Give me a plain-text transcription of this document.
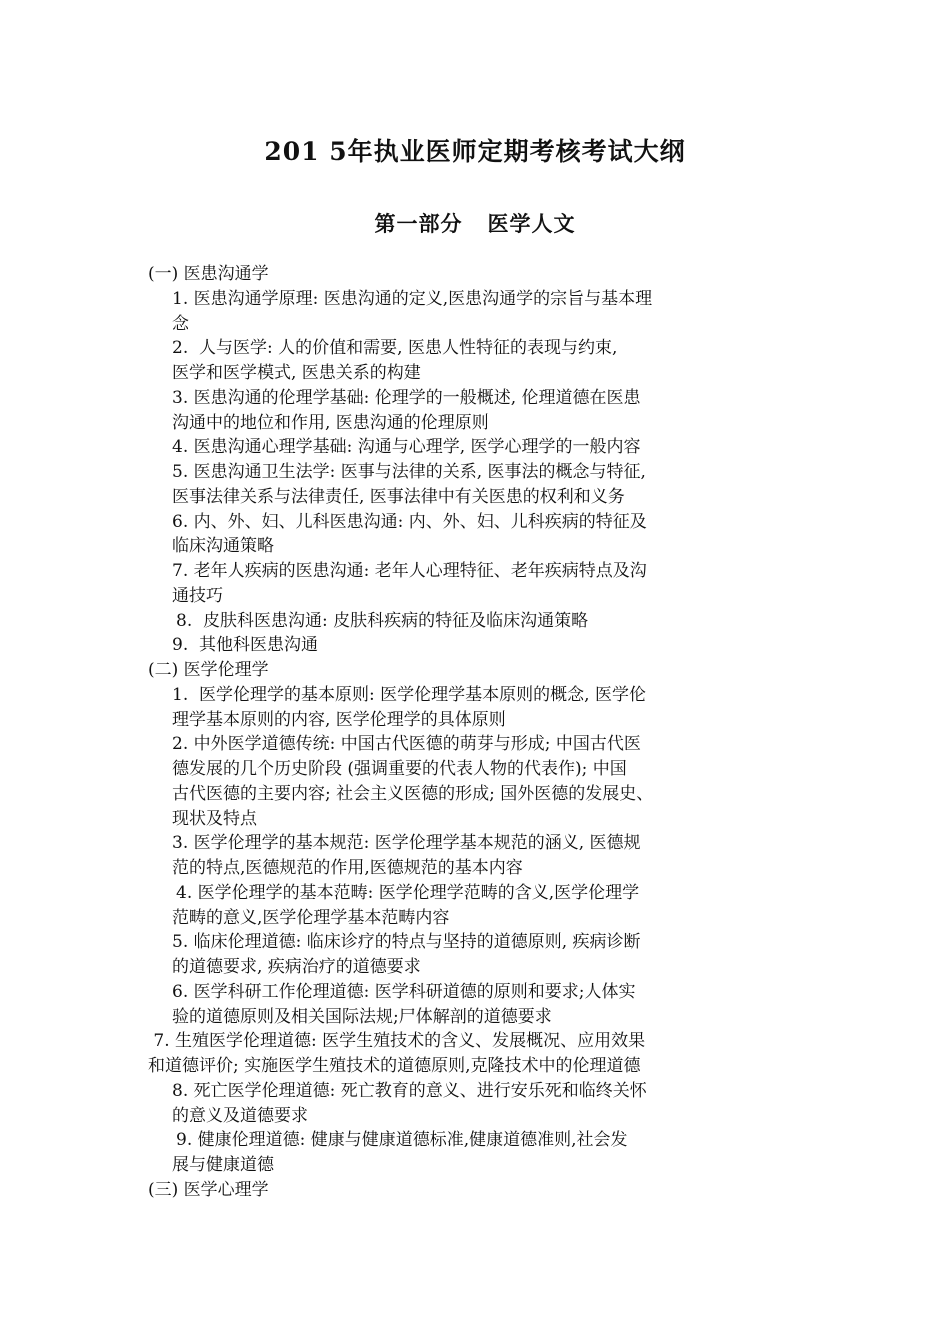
201 5年执业医师定期考核考试大纲
第一部分   医学人文
(一) 医患沟通学
1. 医患沟通学原理: 医患沟通的定义,医患沟通学的宗旨与基本理
念
2.  人与医学: 人的价值和需要, 医患人性特征的表现与约束,
医学和医学模式, 医患关系的构建
3. 医患沟通的伦理学基础: 伦理学的一般概述, 伦理道德在医患
沟通中的地位和作用, 医患沟通的伦理原则
4. 医患沟通心理学基础: 沟通与心理学, 医学心理学的一般内容
5. 医患沟通卫生法学: 医事与法律的关系, 医事法的概念与特征,
医事法律关系与法律责任, 医事法律中有关医患的权利和义务
6. 内、外、妇、儿科医患沟通: 内、外、妇、儿科疾病的特征及
临床沟通策略
7. 老年人疾病的医患沟通: 老年人心理特征、老年疾病特点及沟
通技巧
8.  皮肤科医患沟通: 皮肤科疾病的特征及临床沟通策略
9.  其他科医患沟通
(二) 医学伦理学
1.  医学伦理学的基本原则: 医学伦理学基本原则的概念, 医学伦
理学基本原则的内容, 医学伦理学的具体原则
2. 中外医学道德传统: 中国古代医德的萌芽与形成; 中国古代医
德发展的几个历史阶段 (强调重要的代表人物的代表作); 中国
古代医德的主要内容; 社会主义医德的形成; 国外医德的发展史、
现状及特点
3. 医学伦理学的基本规范: 医学伦理学基本规范的涵义, 医德规
范的特点,医德规范的作用,医德规范的基本内容
4. 医学伦理学的基本范畴: 医学伦理学范畴的含义,医学伦理学
范畴的意义,医学伦理学基本范畴内容
5. 临床伦理道德: 临床诊疗的特点与坚持的道德原则, 疾病诊断
的道德要求, 疾病治疗的道德要求
6. 医学科研工作伦理道德: 医学科研道德的原则和要求;人体实
验的道德原则及相关国际法规;尸体解剖的道德要求
7. 生殖医学伦理道德: 医学生殖技术的含义、发展概况、应用效果
和道德评价; 实施医学生殖技术的道德原则,克隆技术中的伦理道德
8. 死亡医学伦理道德: 死亡教育的意义、进行安乐死和临终关怀
的意义及道德要求
9. 健康伦理道德: 健康与健康道德标准,健康道德准则,社会发
展与健康道德
(三) 医学心理学
